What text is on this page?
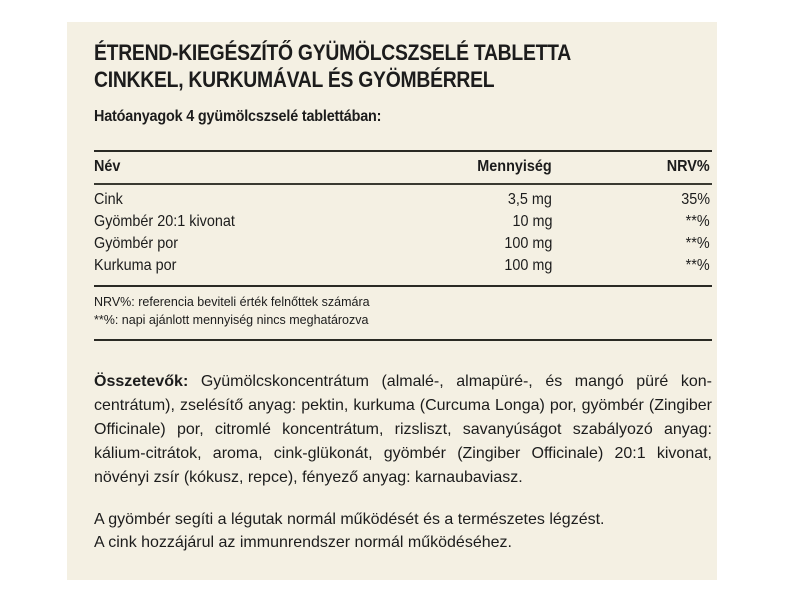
ÉTREND-KIEGÉSZÍTŐ GYÜMÖLCSZSELÉ TABLETTA
CINKKEL, KURKUMÁVAL ÉS GYÖMBÉRREL
Hatóanyagok 4 gyümölcszselé tablettában:
Név	Mennyiség	NRV%
Cink	3,5 mg	35%
Gyömbér 20:1 kivonat	10 mg	**%
Gyömbér por	100 mg	**%
Kurkuma por	100 mg	**%
NRV%: referencia beviteli érték felnőttek számára
**%: napi ajánlott mennyiség nincs meghatározva
Összetevők: Gyümölcskoncentrátum (almalé-, almapüré-, és mangó püré koncentrátum), zselésítő anyag: pektin, kurkuma (Curcuma Longa) por, gyömbér (Zingiber Officinale) por, citromlé koncentrátum, rizsliszt, savanyúságot szabályozó anyag: kálium-citrátok, aroma, cink-glükonát, gyömbér (Zingiber Officinale) 20:1 kivonat, növényi zsír (kókusz, repce), fényező anyag: karnaubaviasz.
A gyömbér segíti a légutak normál működését és a természetes légzést.
A cink hozzájárul az immunrendszer normál működéséhez.
